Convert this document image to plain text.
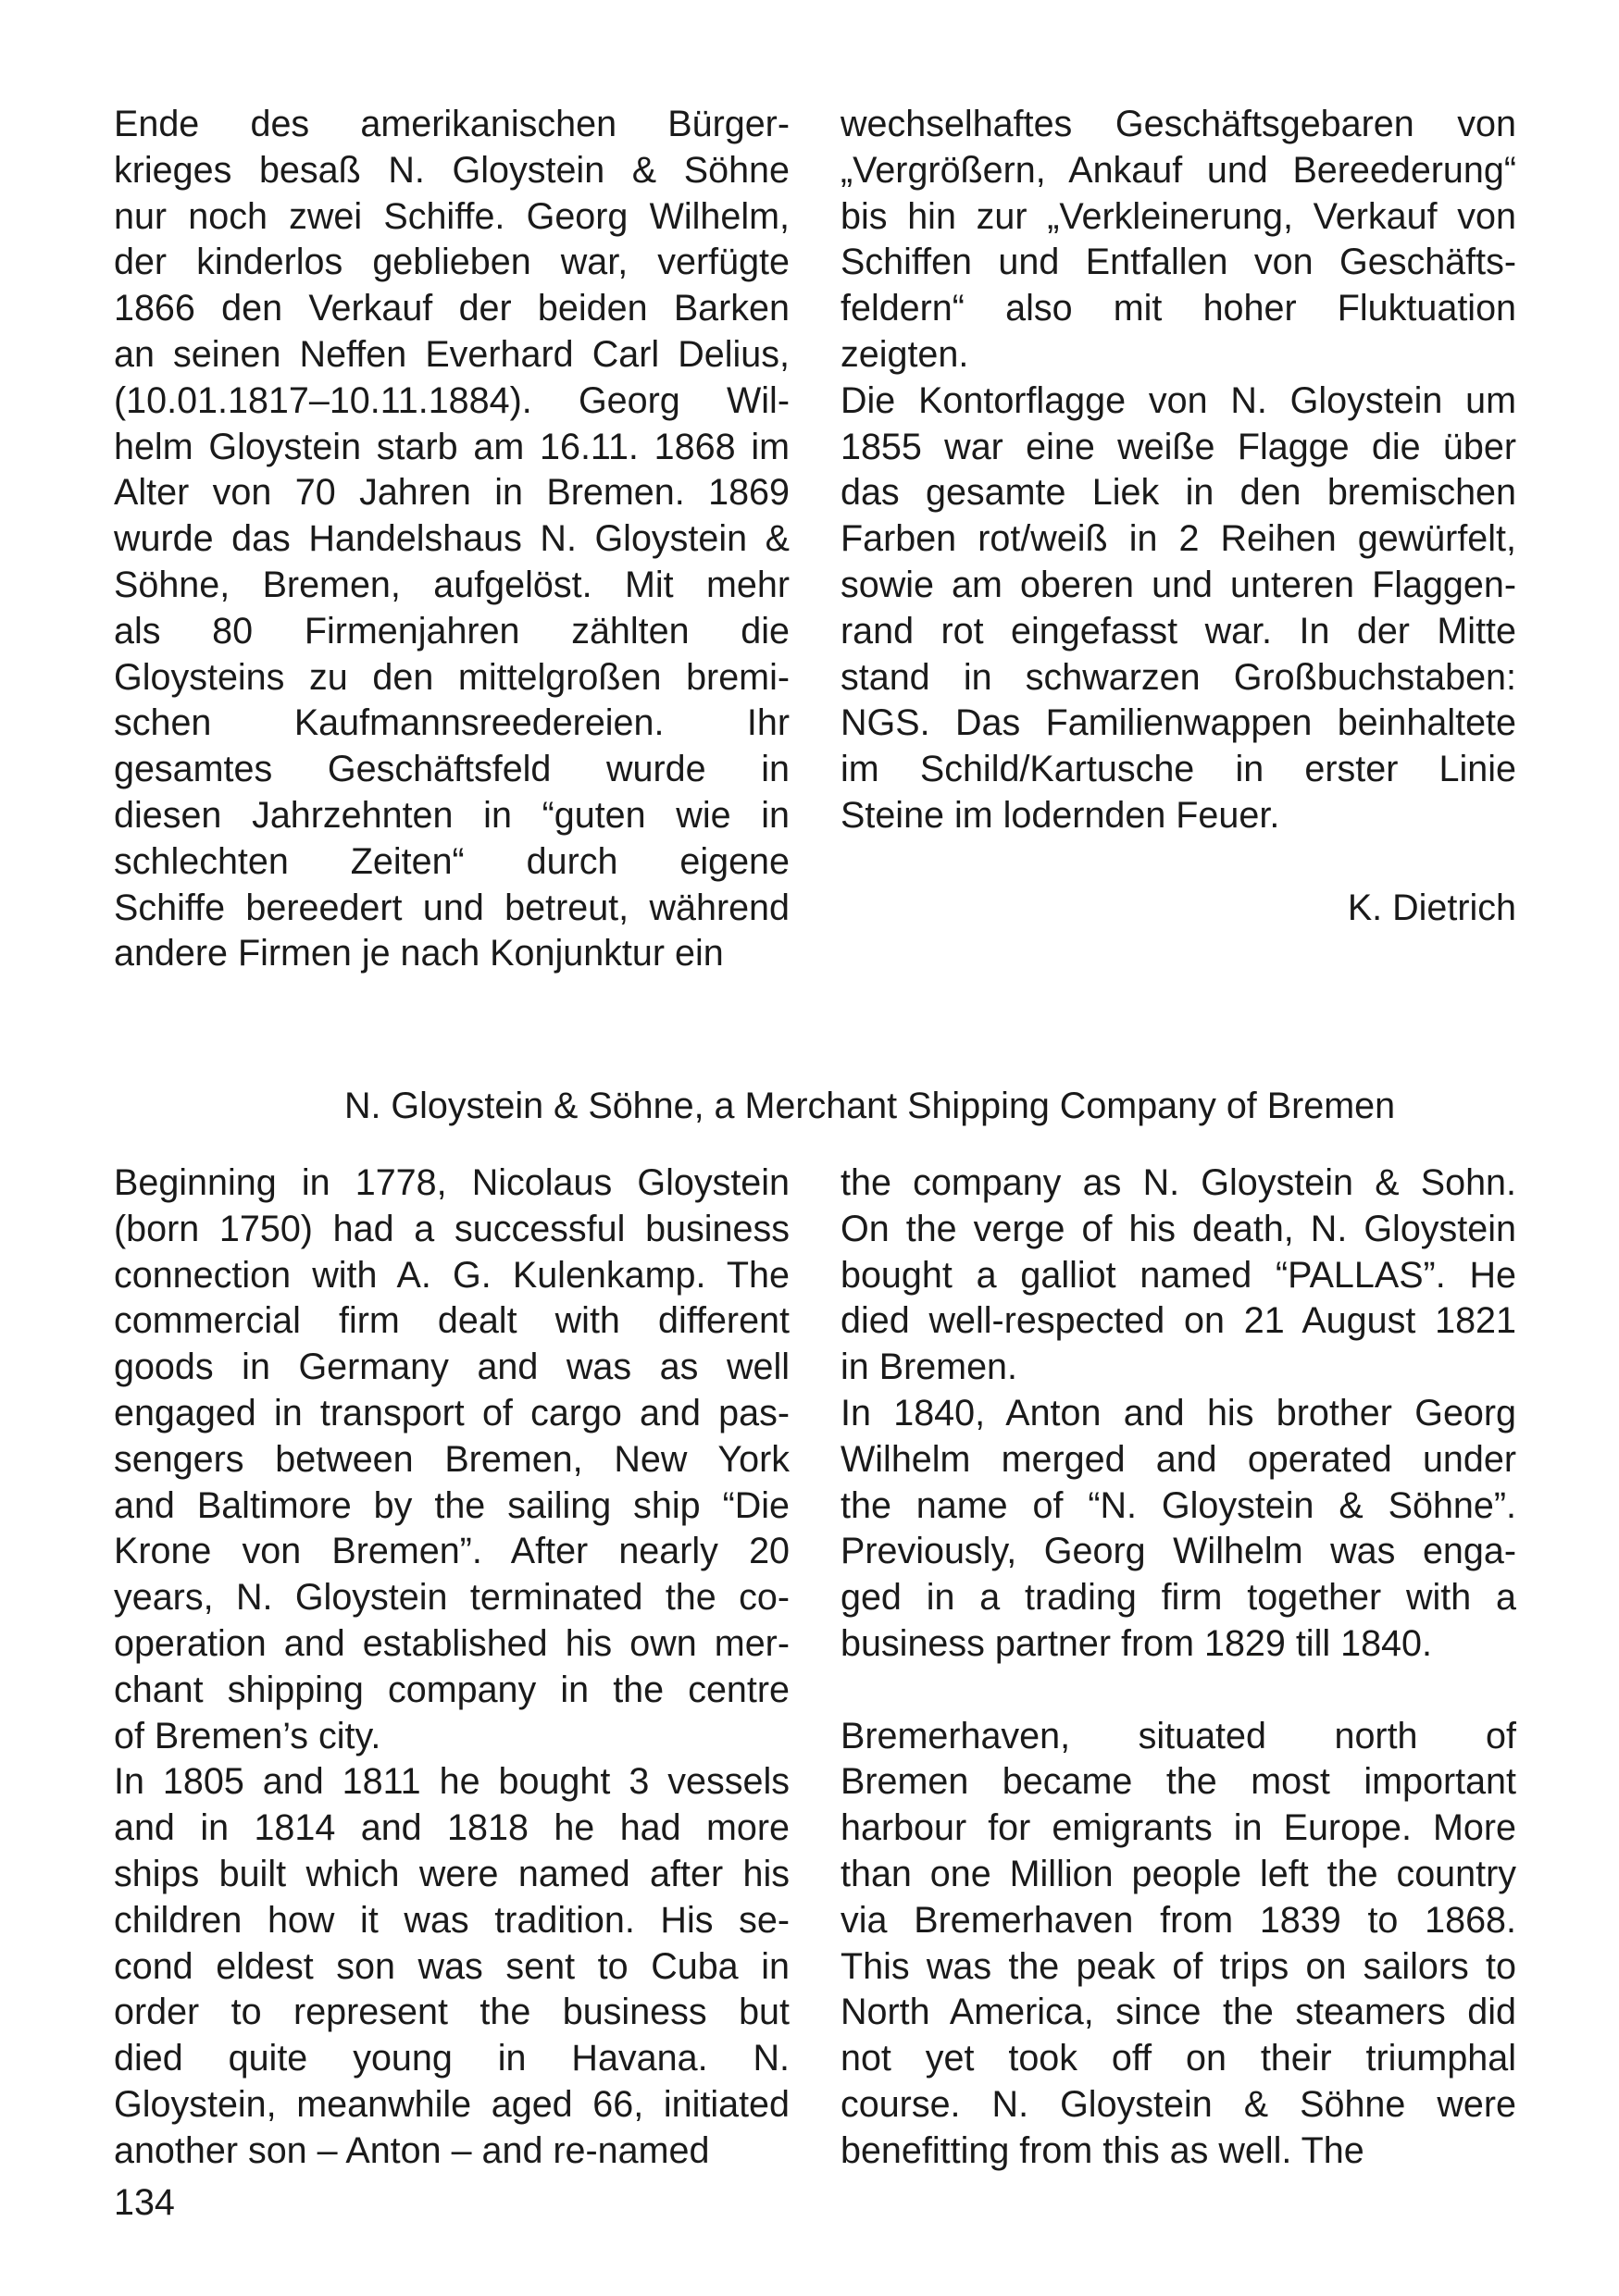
Ende des amerikanischen Bürger-
krieges besaß N. Gloystein & Söhne
nur noch zwei Schiffe. Georg Wilhelm,
der kinderlos geblieben war, verfügte
1866 den Verkauf der beiden Barken
an seinen Neffen Everhard Carl Delius,
(10.01.1817–10.11.1884). Georg Wil-
helm Gloystein starb am 16.11. 1868 im
Alter von 70 Jahren in Bremen. 1869
wurde das Handelshaus N. Gloystein &
Söhne, Bremen, aufgelöst. Mit mehr
als 80 Firmenjahren zählten die
Gloysteins zu den mittelgroßen bremi-
schen Kaufmannsreedereien. Ihr
gesamtes Geschäftsfeld wurde in
diesen Jahrzehnten in “guten wie in
schlechten Zeiten“ durch eigene
Schiffe bereedert und betreut, während
andere Firmen je nach Konjunktur ein
wechselhaftes Geschäftsgebaren von
„Vergrößern, Ankauf und Bereederung“
bis hin zur „Verkleinerung, Verkauf von
Schiffen und Entfallen von Geschäfts-
feldern“ also mit hoher Fluktuation
zeigten.
Die Kontorflagge von N. Gloystein um
1855 war eine weiße Flagge die über
das gesamte Liek in den bremischen
Farben rot/weiß in 2 Reihen gewürfelt,
sowie am oberen und unteren Flaggen-
rand rot eingefasst war. In der Mitte
stand in schwarzen Großbuchstaben:
NGS. Das Familienwappen beinhaltete
im Schild/Kartusche in erster Linie
Steine im lodernden Feuer.
K. Dietrich
N. Gloystein & Söhne, a Merchant Shipping Company of Bremen
Beginning in 1778, Nicolaus Gloystein
(born 1750) had a successful business
connection with A. G. Kulenkamp. The
commercial firm dealt with different
goods in Germany and was as well
engaged in transport of cargo and pas-
sengers between Bremen, New York
and Baltimore by the sailing ship “Die
Krone von Bremen”. After nearly 20
years, N. Gloystein terminated the co-
operation and established his own mer-
chant shipping company in the centre
of Bremen’s city.
In 1805 and 1811 he bought 3 vessels
and in 1814 and 1818 he had more
ships built which were named after his
children how it was tradition. His se-
cond eldest son was sent to Cuba in
order to represent the business but
died quite young in Havana. N.
Gloystein, meanwhile aged 66, initiated
another son – Anton – and re-named
the company as N. Gloystein & Sohn.
On the verge of his death, N. Gloystein
bought a galliot named “PALLAS”. He
died well-respected on 21 August 1821
in Bremen.
In 1840, Anton and his brother Georg
Wilhelm merged and operated under
the name of “N. Gloystein & Söhne”.
Previously, Georg Wilhelm was enga-
ged in a trading firm together with a
business partner from 1829 till 1840.
Bremerhaven, situated north of
Bremen became the most important
harbour for emigrants in Europe. More
than one Million people left the country
via Bremerhaven from 1839 to 1868.
This was the peak of trips on sailors to
North America, since the steamers did
not yet took off on their triumphal
course. N. Gloystein & Söhne were
benefitting from this as well. The
134
